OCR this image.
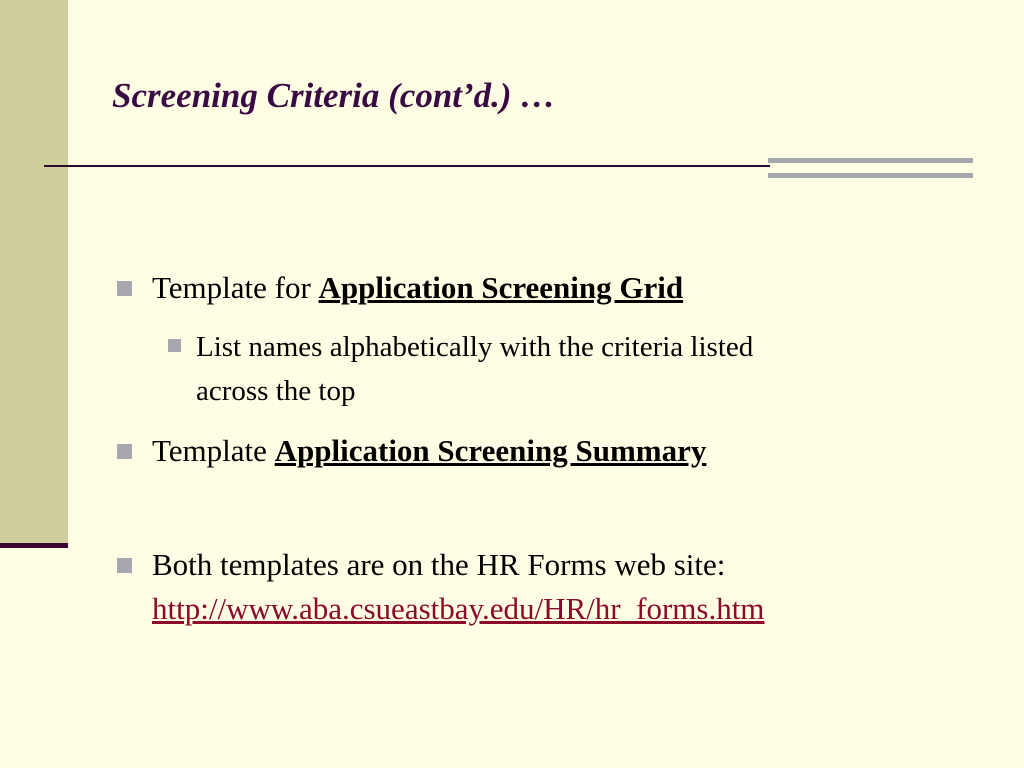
Screening Criteria (cont’d.) …
Template for Application Screening Grid
List names alphabetically with the criteria listed
across the top
Template Application Screening Summary
Both templates are on the HR Forms web site:
http://www.aba.csueastbay.edu/HR/hr_forms.htm
